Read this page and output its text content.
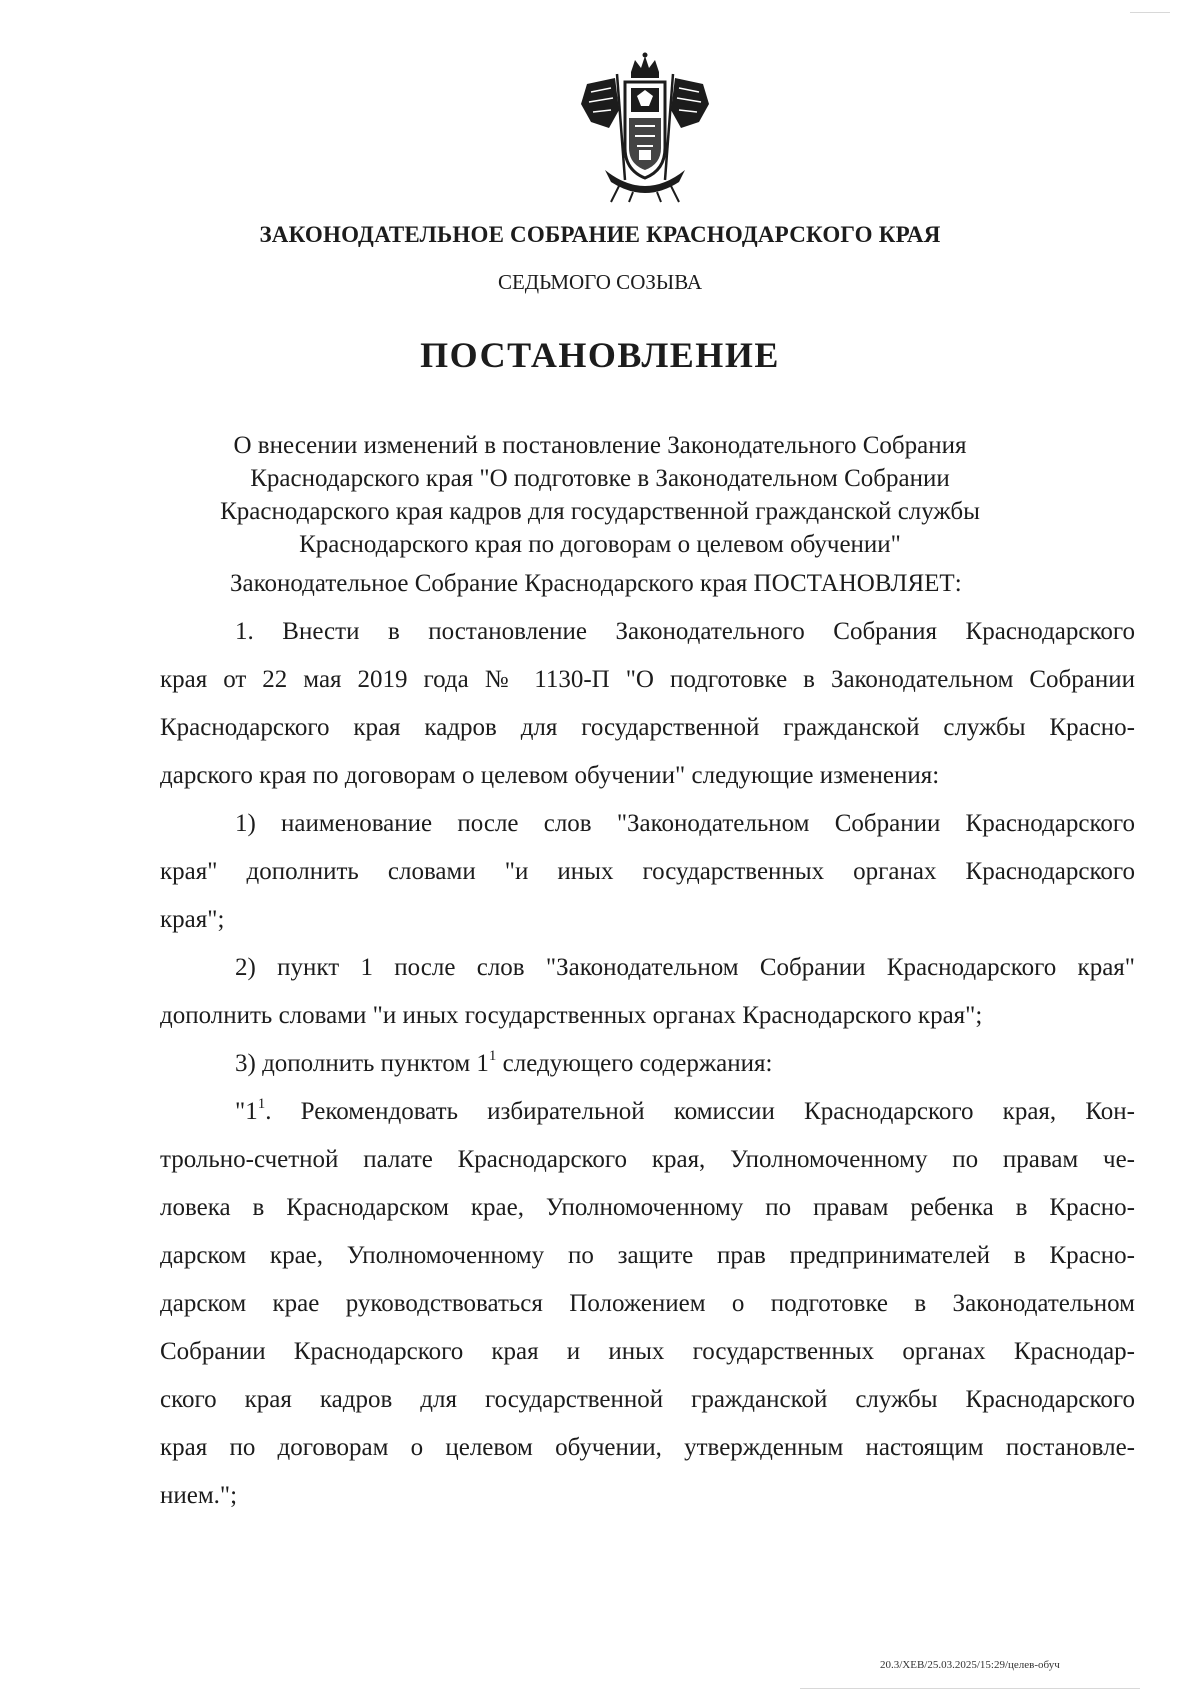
ЗАКОНОДАТЕЛЬНОЕ СОБРАНИЕ КРАСНОДАРСКОГО КРАЯ
СЕДЬМОГО СОЗЫВА
ПОСТАНОВЛЕНИЕ
О внесении изменений в постановление Законодательного Собрания
Краснодарского края "О подготовке в Законодательном Собрании
Краснодарского края кадров для государственной гражданской службы
Краснодарского края по договорам о целевом обучении"
Законодательное Собрание Краснодарского края ПОСТАНОВЛЯЕТ:
1. Внести в постановление Законодательного Собрания Краснодарского
края от 22 мая 2019 года № 1130-П "О подготовке в Законодательном Собрании
Краснодарского края кадров для государственной гражданской службы Красно-
дарского края по договорам о целевом обучении" следующие изменения:
1) наименование после слов "Законодательном Собрании Краснодарского
края" дополнить словами "и иных государственных органах Краснодарского
края";
2) пункт 1 после слов "Законодательном Собрании Краснодарского края"
дополнить словами "и иных государственных органах Краснодарского края";
3) дополнить пунктом $1^1$ следующего содержания:
"$1^1$. Рекомендовать избирательной комиссии Краснодарского края, Кон-
трольно-счетной палате Краснодарского края, Уполномоченному по правам че-
ловека в Краснодарском крае, Уполномоченному по правам ребенка в Красно-
дарском крае, Уполномоченному по защите прав предпринимателей в Красно-
дарском крае руководствоваться Положением о подготовке в Законодательном
Собрании Краснодарского края и иных государственных органах Краснодар-
ского края кадров для государственной гражданской службы Краснодарского
края по договорам о целевом обучении, утвержденным настоящим постановле-
нием.";
20.3/ХЕВ/25.03.2025/15:29/целев-обуч
